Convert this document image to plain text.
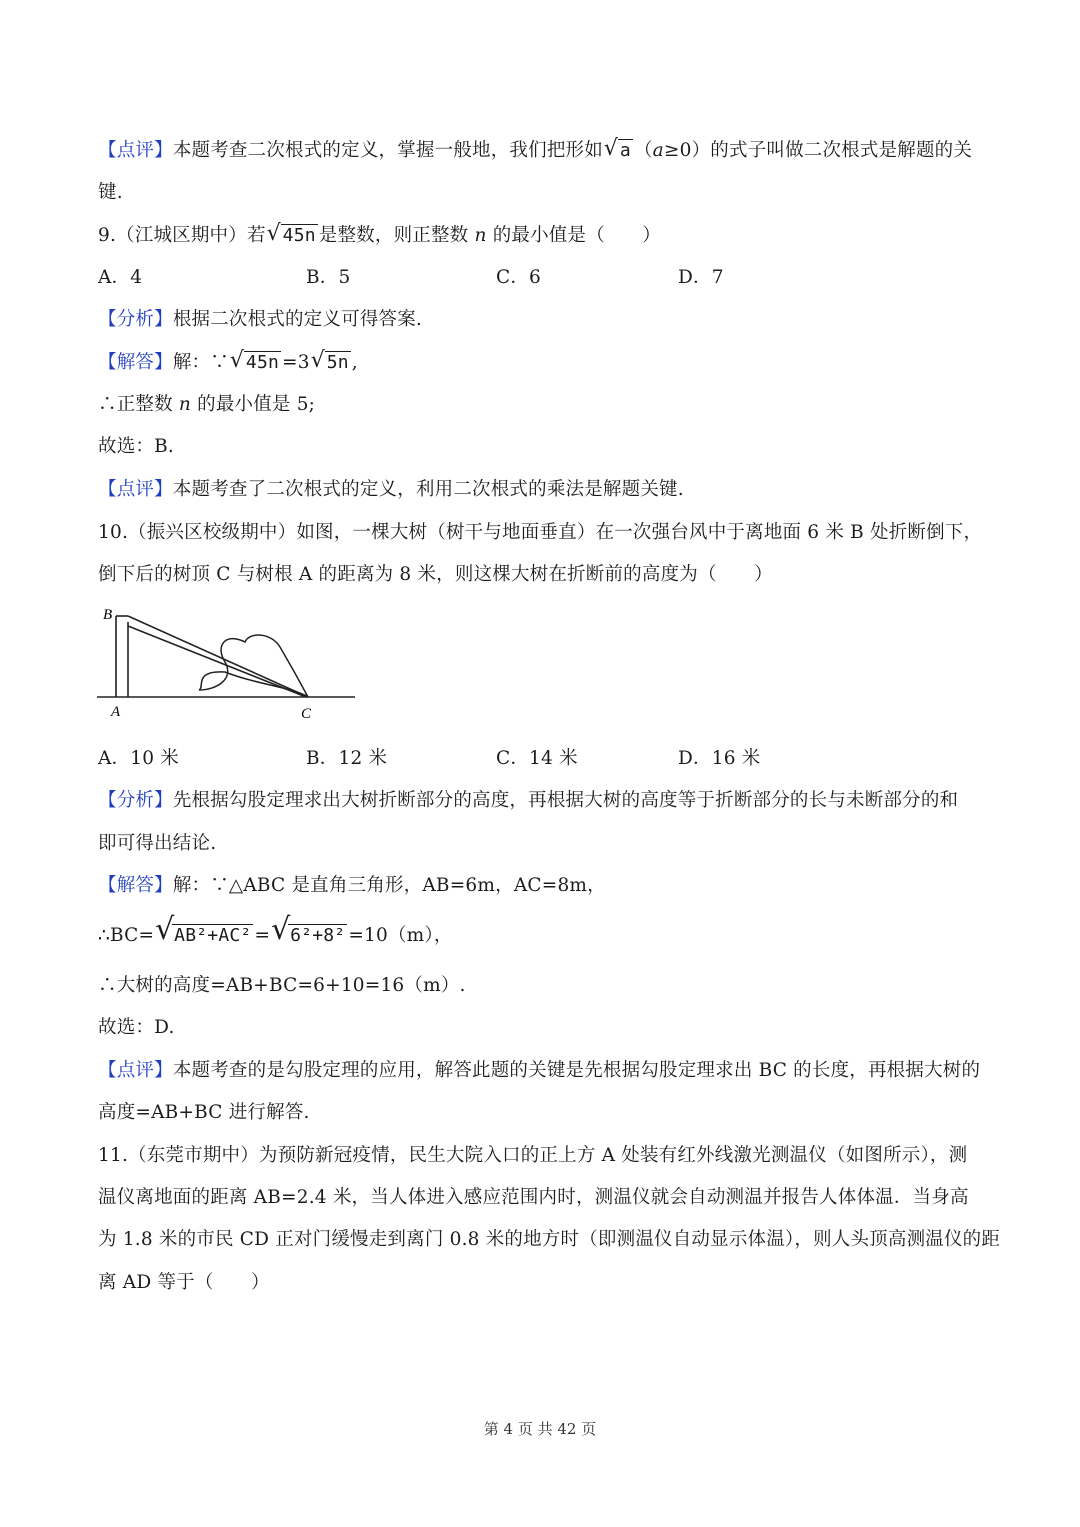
【点评】本题考查二次根式的定义，掌握一般地，我们把形如 √ a （a≥0）的式子叫做二次根式是解题的关
键.
9.（江城区期中）若 √ 45n 是整数，则正整数 n 的最小值是（　　）
A．4	B．5	C．6	D．7
【分析】根据二次根式的定义可得答案.
【解答】解：∵ √ 45n =3 √ 5n ,
∴正整数 n 的最小值是 5;
故选：B.
【点评】本题考查了二次根式的定义，利用二次根式的乘法是解题关键.
10.（振兴区校级期中）如图，一棵大树（树干与地面垂直）在一次强台风中于离地面 6 米 B 处折断倒下，
倒下后的树顶 C 与树根 A 的距离为 8 米，则这棵大树在折断前的高度为（　　）
B
A	C
A．10 米	B．12 米	C．14 米	D．16 米
【分析】先根据勾股定理求出大树折断部分的高度，再根据大树的高度等于折断部分的长与未断部分的和
即可得出结论.
【解答】解：∵△ABC 是直角三角形，AB=6m，AC=8m，
∴BC= √ AB²+AC² = √ 6²+8² =10（m），
∴大树的高度=AB+BC=6+10=16（m）.
故选：D.
【点评】本题考查的是勾股定理的应用，解答此题的关键是先根据勾股定理求出 BC 的长度，再根据大树的
高度=AB+BC 进行解答.
11.（东莞市期中）为预防新冠疫情，民生大院入口的正上方 A 处装有红外线激光测温仪（如图所示），测
温仪离地面的距离 AB=2.4 米，当人体进入感应范围内时，测温仪就会自动测温并报告人体体温．当身高
为 1.8 米的市民 CD 正对门缓慢走到离门 0.8 米的地方时（即测温仪自动显示体温），则人头顶高测温仪的距
离 AD 等于（　　）
第 4 页 共 42 页
